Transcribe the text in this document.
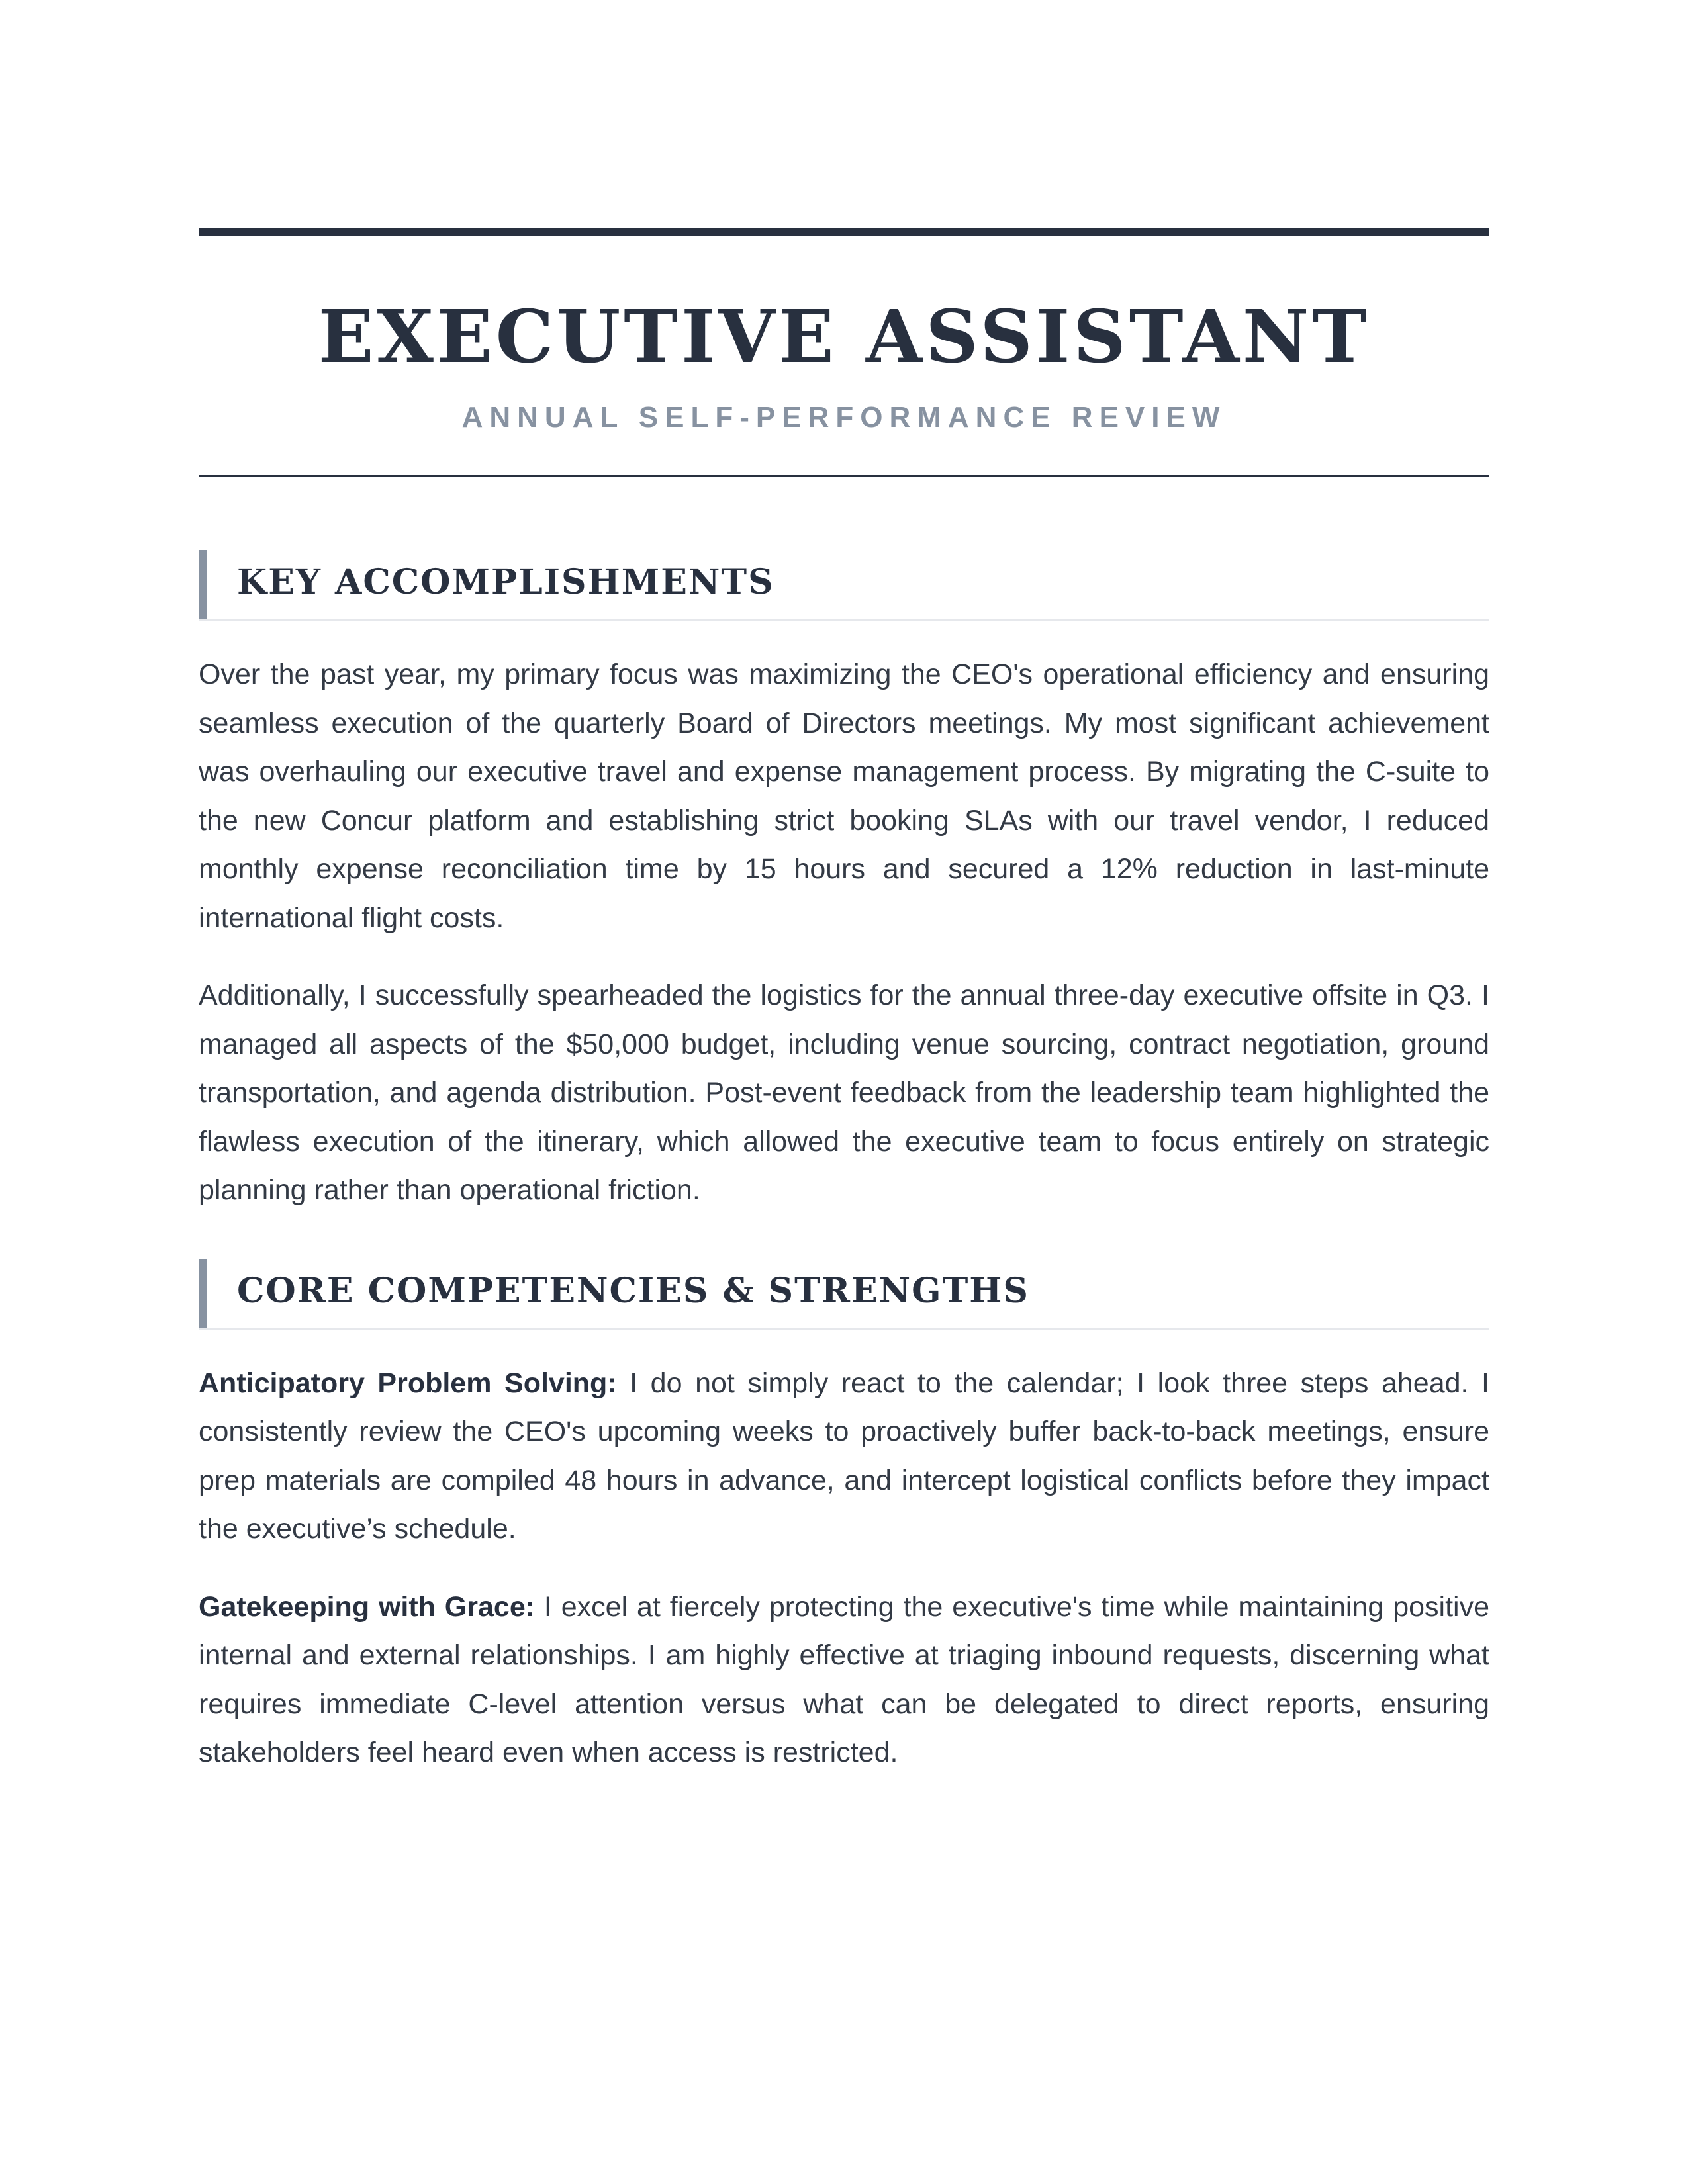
EXECUTIVE ASSISTANT
ANNUAL SELF-PERFORMANCE REVIEW
KEY ACCOMPLISHMENTS

Over the past year, my primary focus was maximizing the CEO's operational efficiency and ensuring seamless execution of the quarterly Board of Directors meetings. My most significant achievement was overhauling our executive travel and expense management process. By migrating the C-suite to the new Concur platform and establishing strict booking SLAs with our travel vendor, I reduced monthly expense reconciliation time by 15 hours and secured a 12% reduction in last-minute international flight costs.

Additionally, I successfully spearheaded the logistics for the annual three-day executive offsite in Q3. I managed all aspects of the $50,000 budget, including venue sourcing, contract negotiation, ground transportation, and agenda distribution. Post-event feedback from the leadership team highlighted the flawless execution of the itinerary, which allowed the executive team to focus entirely on strategic planning rather than operational friction.

CORE COMPETENCIES & STRENGTHS

Anticipatory Problem Solving: I do not simply react to the calendar; I look three steps ahead. I consistently review the CEO's upcoming weeks to proactively buffer back-to-back meetings, ensure prep materials are compiled 48 hours in advance, and intercept logistical conflicts before they impact the executive’s schedule.

Gatekeeping with Grace: I excel at fiercely protecting the executive's time while maintaining positive internal and external relationships. I am highly effective at triaging inbound requests, discerning what requires immediate C-level attention versus what can be delegated to direct reports, ensuring stakeholders feel heard even when access is restricted.
